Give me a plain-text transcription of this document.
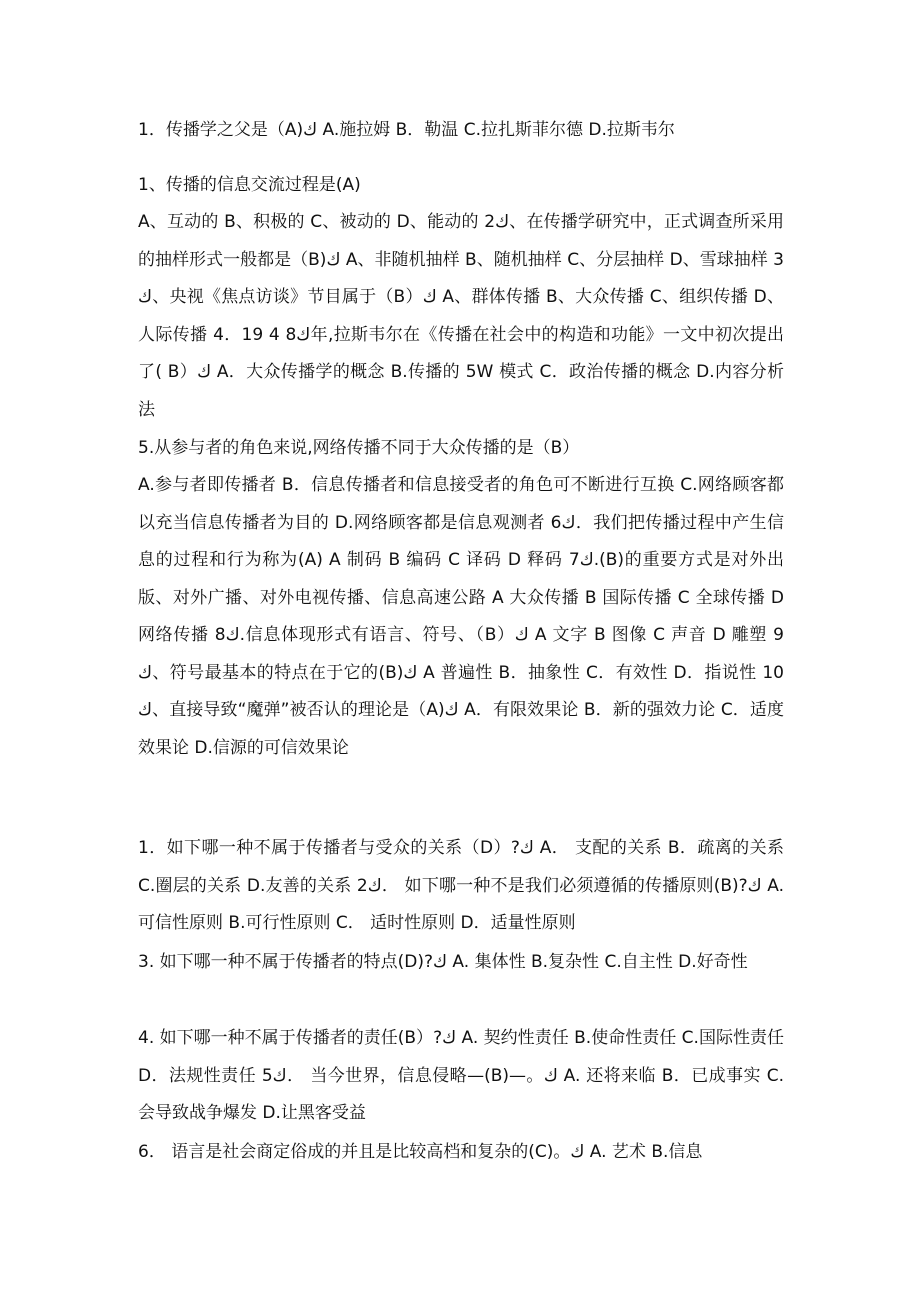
1．传播学之父是（A)ك A.施拉姆 B．勒温 C.拉扎斯菲尔德 D.拉斯韦尔

1、传播的信息交流过程是(A)

A、互动的 B、积极的 C、被动的 D、能动的 2ك、在传播学研究中，正式调查所采用的抽样形式一般都是（B)ك A、非随机抽样 B、随机抽样 C、分层抽样 D、雪球抽样 3ك、央视《焦点访谈》节目属于（B）ك A、群体传播 B、大众传播 C、组织传播 D、人际传播 4．19 4 8ك年,拉斯韦尔在《传播在社会中的构造和功能》一文中初次提出了( B）ك A．大众传播学的概念 B.传播的 5W 模式 C．政治传播的概念 D.内容分析法

5.从参与者的角色来说,网络传播不同于大众传播的是（B）

A.参与者即传播者 B．信息传播者和信息接受者的角色可不断进行互换 C.网络顾客都以充当信息传播者为目的 D.网络顾客都是信息观测者 6ك．我们把传播过程中产生信息的过程和行为称为(A) A 制码 B 编码 C 译码 D 释码 7ك.(B)的重要方式是对外出版、对外广播、对外电视传播、信息高速公路 A 大众传播 B 国际传播 C 全球传播 D 网络传播 8ك.信息体现形式有语言、符号、（B）ك A 文字 B 图像 C 声音 D 雕塑 9ك、符号最基本的特点在于它的(B)ك A 普遍性 B．抽象性 C．有效性 D．指说性 10ك、直接导致“魔弹”被否认的理论是（A)ك A．有限效果论 B．新的强效力论 C．适度效果论 D.信源的可信效果论

1．如下哪一种不属于传播者与受众的关系（D）?ك A． 支配的关系 B．疏离的关系 C.圈层的关系 D.友善的关系 2ك． 如下哪一种不是我们必须遵循的传播原则(B)?ك A. 可信性原则 B.可行性原则 C． 适时性原则 D．适量性原则

3. 如下哪一种不属于传播者的特点(D)?ك A. 集体性 B.复杂性 C.自主性 D.好奇性

4. 如下哪一种不属于传播者的责任(B）?ك A. 契约性责任 B.使命性责任 C.国际性责任 D．法规性责任 5ك． 当今世界，信息侵略—(B)—。ك A. 还将来临 B．已成事实 C.会导致战争爆发 D.让黑客受益

6． 语言是社会商定俗成的并且是比较高档和复杂的(C)。ك A. 艺术 B.信息
